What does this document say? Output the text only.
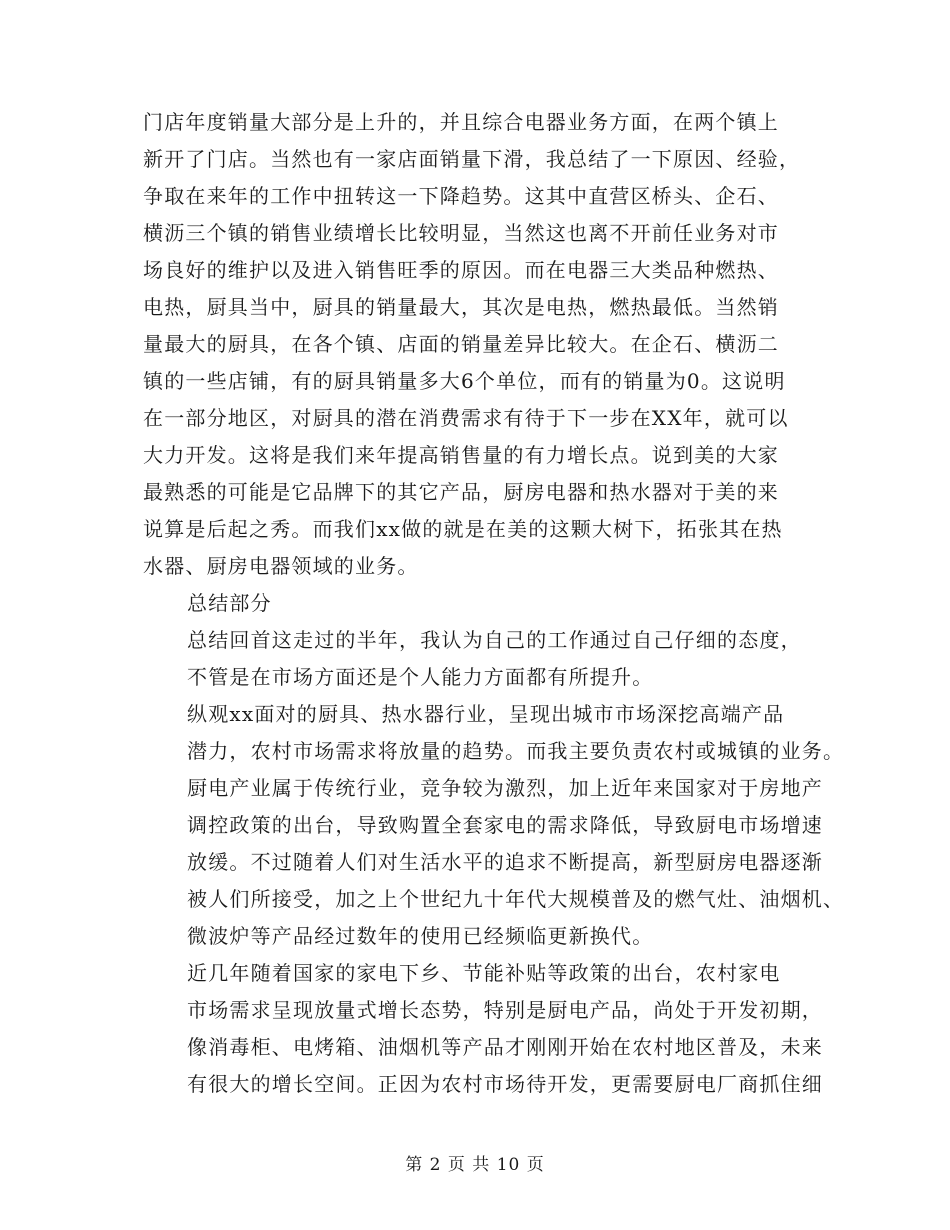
门店年度销量大部分是上升的，并且综合电器业务方面，在两个镇上
新开了门店。当然也有一家店面销量下滑，我总结了一下原因、经验，
争取在来年的工作中扭转这一下降趋势。这其中直营区桥头、企石、
横沥三个镇的销售业绩增长比较明显，当然这也离不开前任业务对市
场良好的维护以及进入销售旺季的原因。而在电器三大类品种燃热、
电热，厨具当中，厨具的销量最大，其次是电热，燃热最低。当然销
量最大的厨具，在各个镇、店面的销量差异比较大。在企石、横沥二
镇的一些店铺，有的厨具销量多大6个单位，而有的销量为0。这说明
在一部分地区，对厨具的潜在消费需求有待于下一步在XX年，就可以
大力开发。这将是我们来年提高销售量的有力增长点。说到美的大家
最熟悉的可能是它品牌下的其它产品，厨房电器和热水器对于美的来
说算是后起之秀。而我们xx做的就是在美的这颗大树下，拓张其在热
水器、厨房电器领域的业务。

总结部分

总结回首这走过的半年，我认为自己的工作通过自己仔细的态度，
不管是在市场方面还是个人能力方面都有所提升。

纵观xx面对的厨具、热水器行业，呈现出城市市场深挖高端产品
潜力，农村市场需求将放量的趋势。而我主要负责农村或城镇的业务。
厨电产业属于传统行业，竞争较为激烈，加上近年来国家对于房地产
调控政策的出台，导致购置全套家电的需求降低，导致厨电市场增速
放缓。不过随着人们对生活水平的追求不断提高，新型厨房电器逐渐
被人们所接受，加之上个世纪九十年代大规模普及的燃气灶、油烟机、
微波炉等产品经过数年的使用已经频临更新换代。

近几年随着国家的家电下乡、节能补贴等政策的出台，农村家电
市场需求呈现放量式增长态势，特别是厨电产品，尚处于开发初期，
像消毒柜、电烤箱、油烟机等产品才刚刚开始在农村地区普及，未来
有很大的增长空间。正因为农村市场待开发，更需要厨电厂商抓住细

第 2 页 共 10 页
